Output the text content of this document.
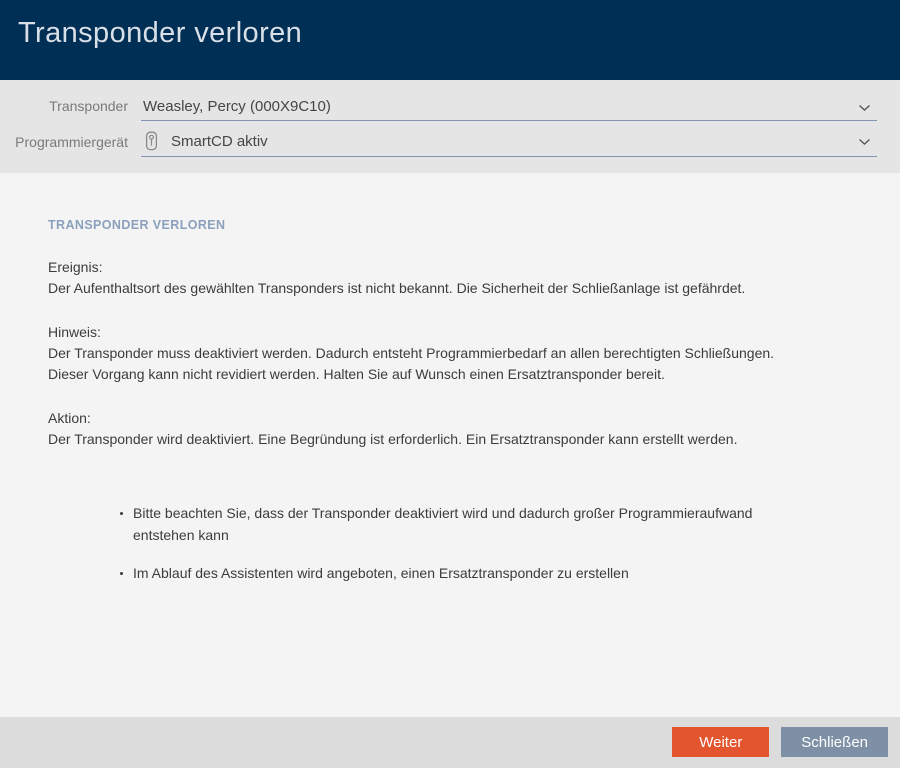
Transponder verloren
Transponder Weasley, Percy (000X9C10)
Programmiergerät	SmartCD aktiv
TRANSPONDER VERLOREN
Ereignis:
Der Aufenthaltsort des gewählten Transponders ist nicht bekannt. Die Sicherheit der Schließanlage ist gefährdet.
Hinweis:
Der Transponder muss deaktiviert werden. Dadurch entsteht Programmierbedarf an allen berechtigten Schließungen.
Dieser Vorgang kann nicht revidiert werden. Halten Sie auf Wunsch einen Ersatztransponder bereit.
Aktion:
Der Transponder wird deaktiviert. Eine Begründung ist erforderlich. Ein Ersatztransponder kann erstellt werden.
Bitte beachten Sie, dass der Transponder deaktiviert wird und dadurch großer Programmieraufwand entstehen kann
Im Ablauf des Assistenten wird angeboten, einen Ersatztransponder zu erstellen
Weiter	Schließen
